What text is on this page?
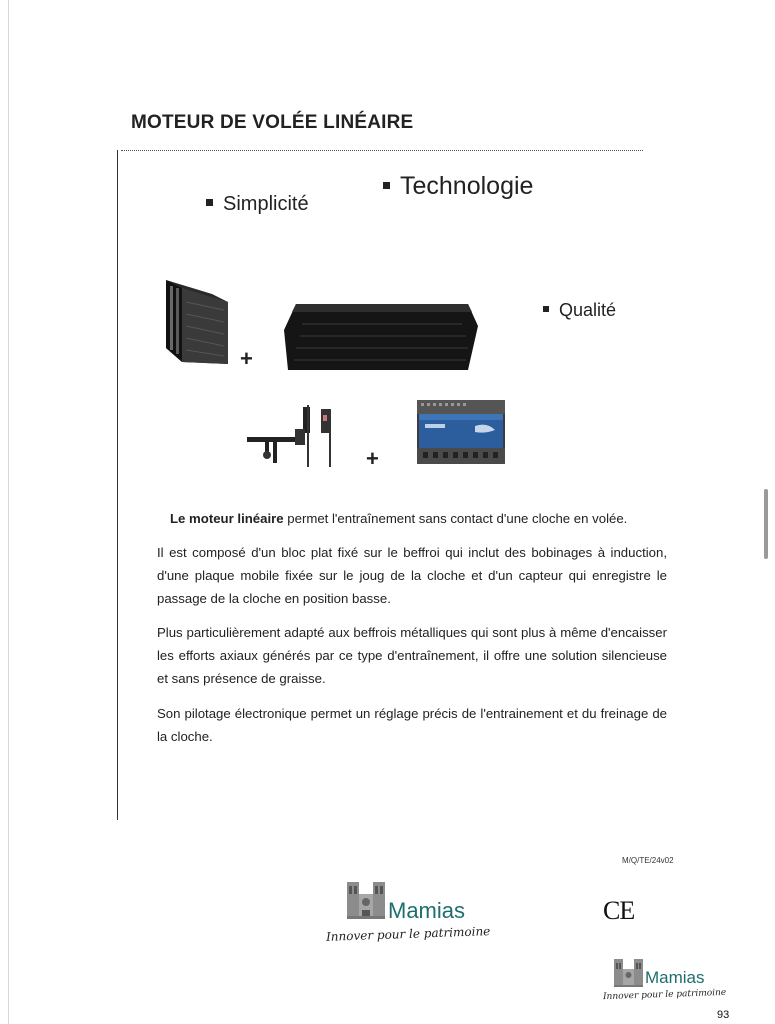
MOTEUR DE VOLÉE LINÉAIRE
Simplicité
Technologie
Qualité
+
+
Le moteur linéaire permet l'entraînement sans contact d'une cloche en volée.
Il est composé d'un bloc plat fixé sur le beffroi qui inclut des bobinages à induction, d'une plaque mobile fixée sur le joug de la cloche et d'un capteur qui enregistre le passage de la cloche en position basse.
Plus particulièrement adapté aux beffrois métalliques qui sont plus à même d'encaisser les efforts axiaux générés par ce type d'entraînement, il offre une solution silencieuse et sans présence de graisse.
Son pilotage électronique permet un réglage précis de l'entrainement et du freinage de la cloche.
M/Q/TE/24v02
Mamias
Innover pour le patrimoine
CE
Mamias
Innover pour le patrimoine
93
